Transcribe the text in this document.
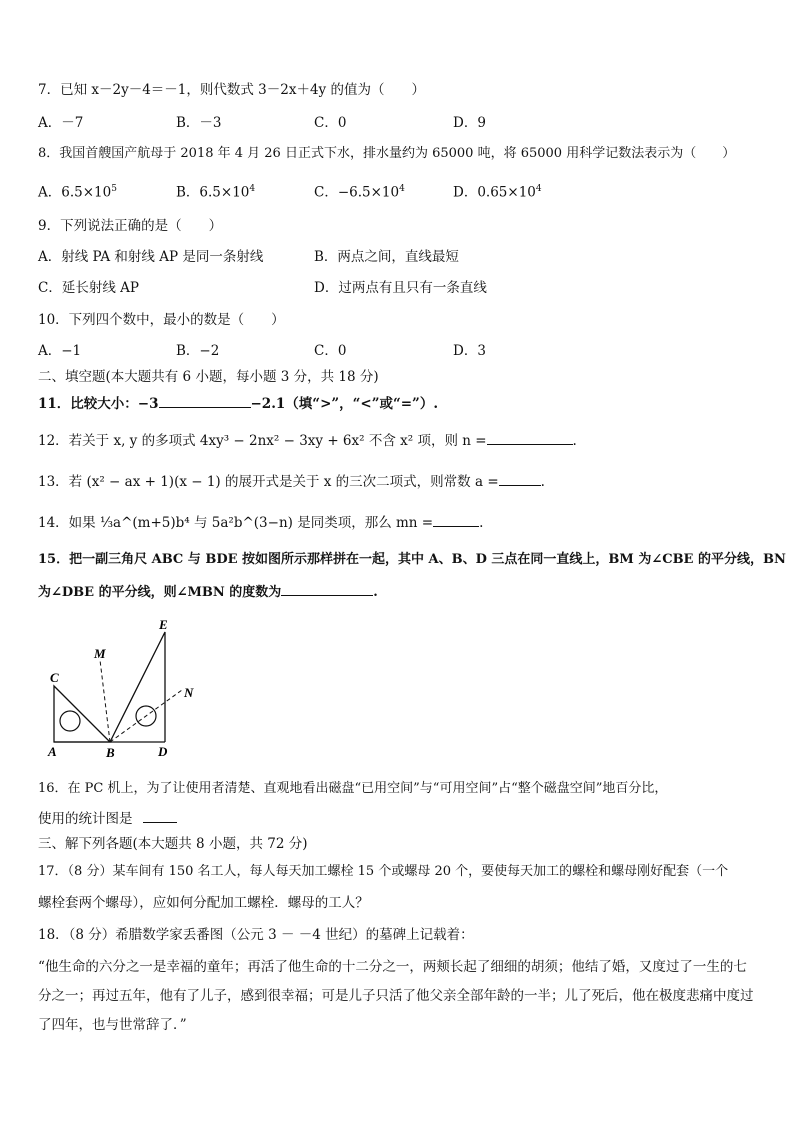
7．已知 x－2y－4＝－1，则代数式 3－2x＋4y 的值为（　　）
A．－7	B．－3	C．0	D．9
8．我国首艘国产航母于 2018 年 4 月 26 日正式下水，排水量约为 65000 吨，将 65000 用科学记数法表示为（　　）
A．$6.5\times 10^5$	B．$6.5\times 10^4$	C．$-6.5\times 10^4$	D．$0.65\times 10^4$
9．下列说法正确的是（　　）
A．射线 PA 和射线 AP 是同一条射线	B．两点之间，直线最短
C．延长射线 AP	D．过两点有且只有一条直线
10．下列四个数中，最小的数是（　　）
A．−1	B．−2	C．0	D．3
二、填空题(本大题共有 6 小题，每小题 3 分，共 18 分)
11．比较大小：−3	−2.1（填“>”，“<”或“=”）.
12．若关于 x, y 的多项式 4xy³ − 2nx² − 3xy + 6x² 不含 x² 项，则 n =	.
13．若 (x² − ax + 1)(x − 1) 的展开式是关于 x 的三次二项式，则常数 a =	.
14．如果 ⅓a^(m+5)b⁴ 与 5a²b^(3−n) 是同类项，那么 mn =	.
15．把一副三角尺 ABC 与 BDE 按如图所示那样拼在一起，其中 A、B、D 三点在同一直线上，BM 为∠CBE 的平分线，BN
为∠DBE 的平分线，则∠MBN 的度数为	.
C
M
E
N
A	B	D
16．在 PC 机上，为了让使用者清楚、直观地看出磁盘“已用空间”与“可用空间”占“整个磁盘空间”地百分比，
使用的统计图是
三、解下列各题(本大题共 8 小题，共 72 分)
17．（8 分）某车间有 150 名工人，每人每天加工螺栓 15 个或螺母 20 个，要使每天加工的螺栓和螺母刚好配套（一个
螺栓套两个螺母），应如何分配加工螺栓．螺母的工人？
18．（8 分）希腊数学家丢番图（公元 3 － －4 世纪）的墓碑上记载着：
“他生命的六分之一是幸福的童年；再活了他生命的十二分之一，两颊长起了细细的胡须；他结了婚，又度过了一生的七分之一；再过五年，他有了儿子，感到很幸福；可是儿子只活了他父亲全部年龄的一半；儿了死后，他在极度悲痛中度过了四年，也与世常辞了．”
